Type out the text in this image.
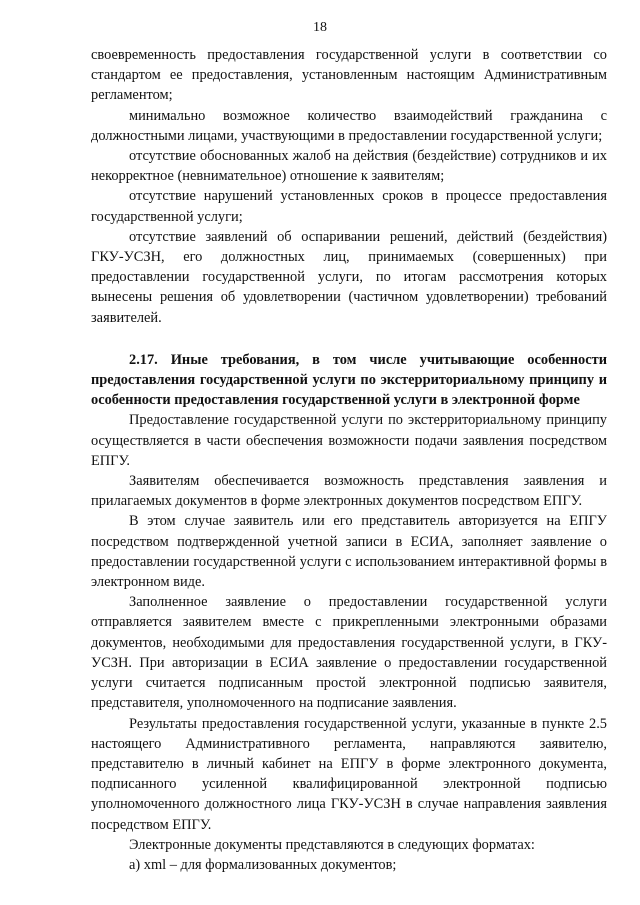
18

своевременность предоставления государственной услуги в соответствии со стандартом ее предоставления, установленным настоящим Административным регламентом;

минимально возможное количество взаимодействий гражданина с должностными лицами, участвующими в предоставлении государственной услуги;

отсутствие обоснованных жалоб на действия (бездействие) сотрудников и их некорректное (невнимательное) отношение к заявителям;

отсутствие нарушений установленных сроков в процессе предоставления государственной услуги;

отсутствие заявлений об оспаривании решений, действий (бездействия) ГКУ-УСЗН, его должностных лиц, принимаемых (совершенных) при предоставлении государственной услуги, по итогам рассмотрения которых вынесены решения об удовлетворении (частичном удовлетворении) требований заявителей.

2.17. Иные требования, в том числе учитывающие особенности предоставления государственной услуги по экстерриториальному принципу и особенности предоставления государственной услуги в электронной форме

Предоставление государственной услуги по экстерриториальному принципу осуществляется в части обеспечения возможности подачи заявления посредством ЕПГУ.

Заявителям обеспечивается возможность представления заявления и прилагаемых документов в форме электронных документов посредством ЕПГУ.

В этом случае заявитель или его представитель авторизуется на ЕПГУ посредством подтвержденной учетной записи в ЕСИА, заполняет заявление о предоставлении государственной услуги с использованием интерактивной формы в электронном виде.

Заполненное заявление о предоставлении государственной услуги отправляется заявителем вместе с прикрепленными электронными образами документов, необходимыми для предоставления государственной услуги, в ГКУ-УСЗН. При авторизации в ЕСИА заявление о предоставлении государственной услуги считается подписанным простой электронной подписью заявителя, представителя, уполномоченного на подписание заявления.

Результаты предоставления государственной услуги, указанные в пункте 2.5 настоящего Административного регламента, направляются заявителю, представителю в личный кабинет на ЕПГУ в форме электронного документа, подписанного усиленной квалифицированной электронной подписью уполномоченного должностного лица ГКУ-УСЗН в случае направления заявления посредством ЕПГУ.

Электронные документы представляются в следующих форматах:

а) xml – для формализованных документов;
